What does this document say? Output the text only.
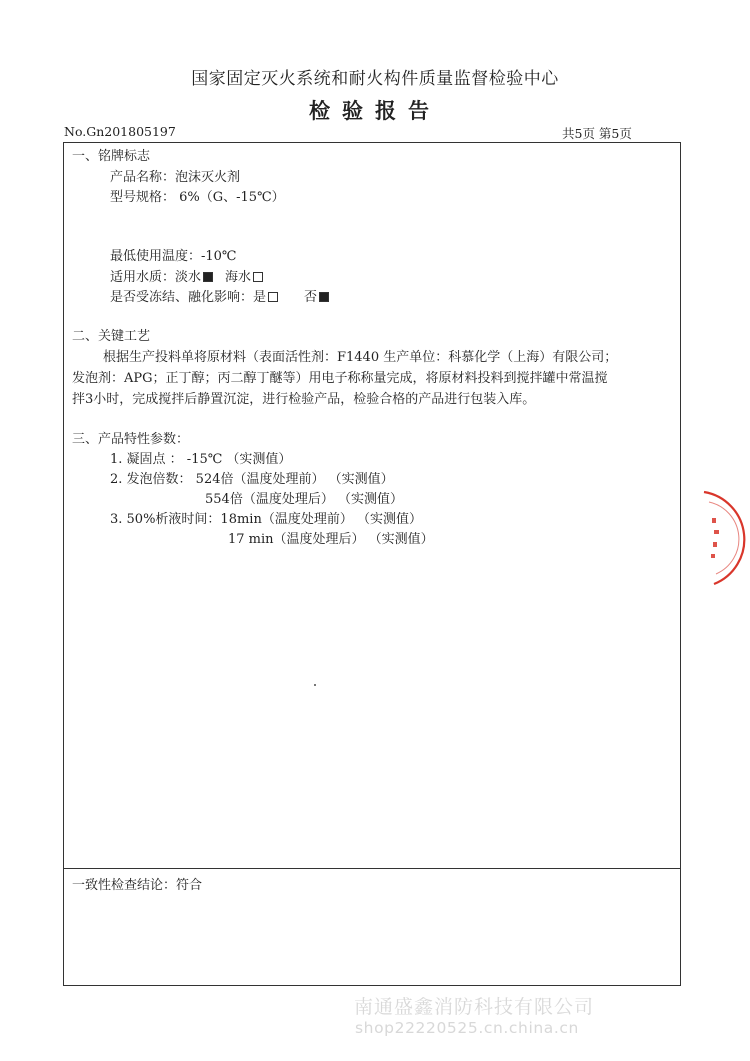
国家固定灭火系统和耐火构件质量监督检验中心
检验报告
No.Gn201805197	共5页 第5页
一、铭牌标志
产品名称：泡沫灭火剂
型号规格： 6%（G、-15℃）
最低使用温度：-10℃
适用水质：淡水 海水
是否受冻结、融化影响：是	否
二、关键工艺
根据生产投料单将原材料（表面活性剂：F1440 生产单位：科慕化学（上海）有限公司；
发泡剂：APG；正丁醇；丙二醇丁醚等）用电子称称量完成，将原材料投料到搅拌罐中常温搅
拌3小时，完成搅拌后静置沉淀，进行检验产品，检验合格的产品进行包装入库。
三、产品特性参数：
1. 凝固点 ： -15℃ （实测值）
2. 发泡倍数： 524倍（温度处理前） （实测值）
554倍（温度处理后） （实测值）
3. 50%析液时间：18min（温度处理前） （实测值）
17 min（温度处理后） （实测值）
一致性检查结论：符合
南通盛鑫消防科技有限公司
shop22220525.cn.china.cn
